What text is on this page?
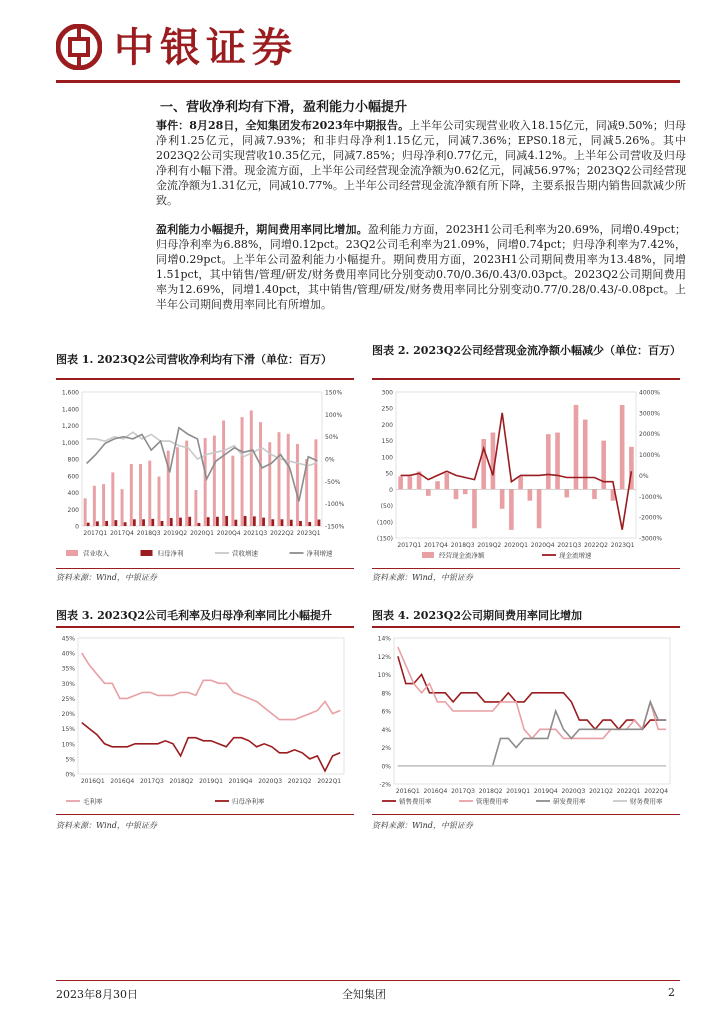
中银证券
一、营收净利均有下滑，盈利能力小幅提升
事件：8月28日，全知集团发布2023年中期报告。上半年公司实现营业收入18.15亿元，同减9.50%；归母净利1.25亿元，同减7.93%；和非归母净利1.15亿元，同减7.36%；EPS0.18元，同减5.26%。其中2023Q2公司实现营收10.35亿元，同减7.85%；归母净利0.77亿元，同减4.12%。上半年公司营收及归母净利有小幅下滑。现金流方面，上半年公司经营现金流净额为0.62亿元，同减56.97%；2023Q2公司经营现金流净额为1.31亿元，同减10.77%。上半年公司经营现金流净额有所下降，主要系报告期内销售回款减少所致。
盈利能力小幅提升，期间费用率同比增加。盈利能力方面，2023H1公司毛利率为20.69%，同增0.49pct；归母净利率为6.88%，同增0.12pct。23Q2公司毛利率为21.09%，同增0.74pct；归母净利率为7.42%，同增0.29pct。上半年公司盈利能力小幅提升。期间费用方面，2023H1公司期间费用率为13.48%，同增1.51pct，其中销售/管理/研发/财务费用率同比分别变动0.70/0.36/0.43/0.03pct。2023Q2公司期间费用率为12.69%，同增1.40pct，其中销售/管理/研发/财务费用率同比分别变动0.77/0.28/0.43/-0.08pct。上半年公司期间费用率同比有所增加。
图表 1. 2023Q2公司营收净利均有下滑（单位：百万）
0
200
400
600
800
1,000
1,200
1,400
1,600
-150%
-100%
-50%
0%
50%
100%
150%
2017Q1 2017Q4 2018Q3 2019Q2 2020Q1 2020Q4 2021Q3 2022Q2 2023Q1
营业收入	归母净利	营收增速	净利增速
资料来源：Wind，中银证券
图表 2. 2023Q2公司经营现金流净额小幅减少（单位：百万）
(150)
(100)
(50)
0
50
100
150
200
250
300
-3000%
-2000%
-1000%
0%
1000%
2000%
3000%
4000%
2017Q1 2017Q4 2018Q3 2019Q2 2020Q1 2020Q4 2021Q3 2022Q2 2023Q1
经营现金流净额	现金流增速
资料来源：Wind，中银证券
图表 3. 2023Q2公司毛利率及归母净利率同比小幅提升
0%
5%
10%
15%
20%
25%
30%
35%
40%
45%
2016Q1 2016Q4 2017Q3 2018Q2 2019Q1 2019Q4 2020Q3 2021Q2 2022Q1
毛利率	归母净利率
资料来源：Wind，中银证券
图表 4. 2023Q2公司期间费用率同比增加
-2%
0%
2%
4%
6%
8%
10%
12%
14%
2016Q1 2016Q4 2017Q3 2018Q2 2019Q1 2019Q4 2020Q3 2021Q2 2022Q1 2022Q4
销售费用率	管理费用率	研发费用率	财务费用率
资料来源：Wind，中银证券
2023年8月30日	全知集团	2
